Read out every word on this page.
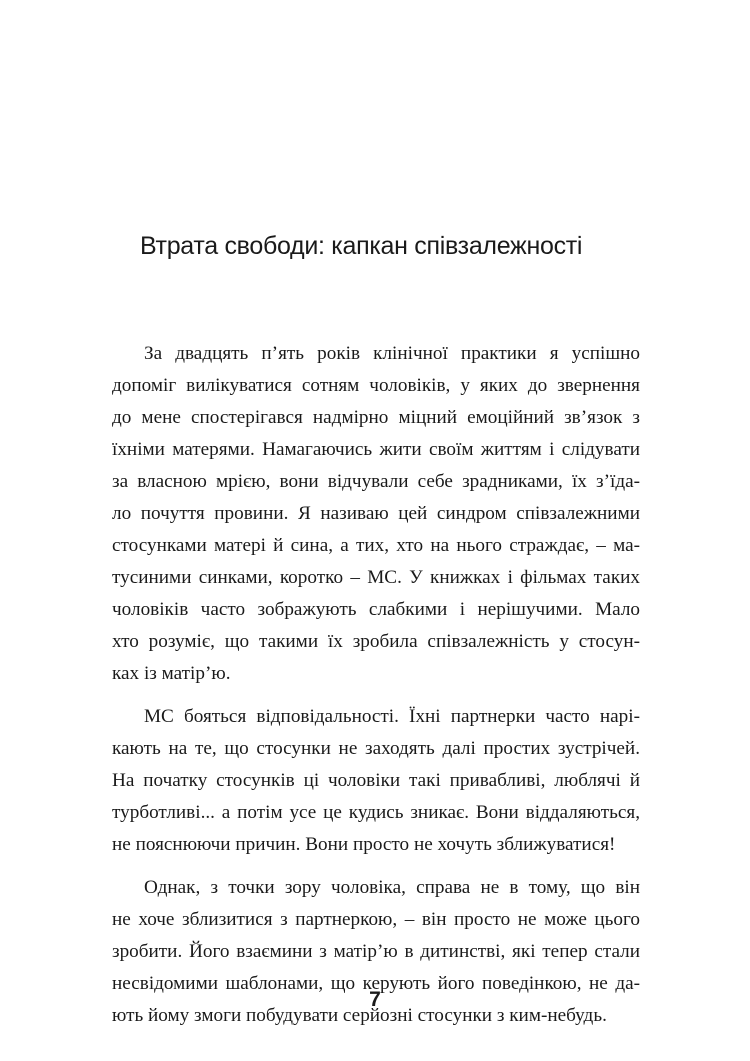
Втрата свободи: капкан співзалежності
За двадцять п’ять років клінічної практики я успішно
допоміг вилікуватися сотням чоловіків, у яких до звернення
до мене спостерігався надмірно міцний емоційний зв’язок з
їхніми матерями. Намагаючись жити своїм життям і слідувати
за власною мрією, вони відчували себе зрадниками, їх з’їда-
ло почуття провини. Я називаю цей синдром співзалежними
стосунками матері й сина, а тих, хто на нього страждає, – ма-
тусиними синками, коротко – МС. У книжках і фільмах таких
чоловіків часто зображують слабкими і нерішучими. Мало
хто розуміє, що такими їх зробила співзалежність у стосун-
ках із матір’ю.
МС бояться відповідальності. Їхні партнерки часто нарі-
кають на те, що стосунки не заходять далі простих зустрічей.
На початку стосунків ці чоловіки такі привабливі, люблячі й
турботливі... а потім усе це кудись зникає. Вони віддаляються,
не пояснюючи причин. Вони просто не хочуть зближуватися!
Однак, з точки зору чоловіка, справа не в тому, що він
не хоче зблизитися з партнеркою, – він просто не може цього
зробити. Його взаємини з матір’ю в дитинстві, які тепер стали
несвідомими шаблонами, що керують його поведінкою, не да-
ють йому змоги побудувати серйозні стосунки з ким-небудь.
7
